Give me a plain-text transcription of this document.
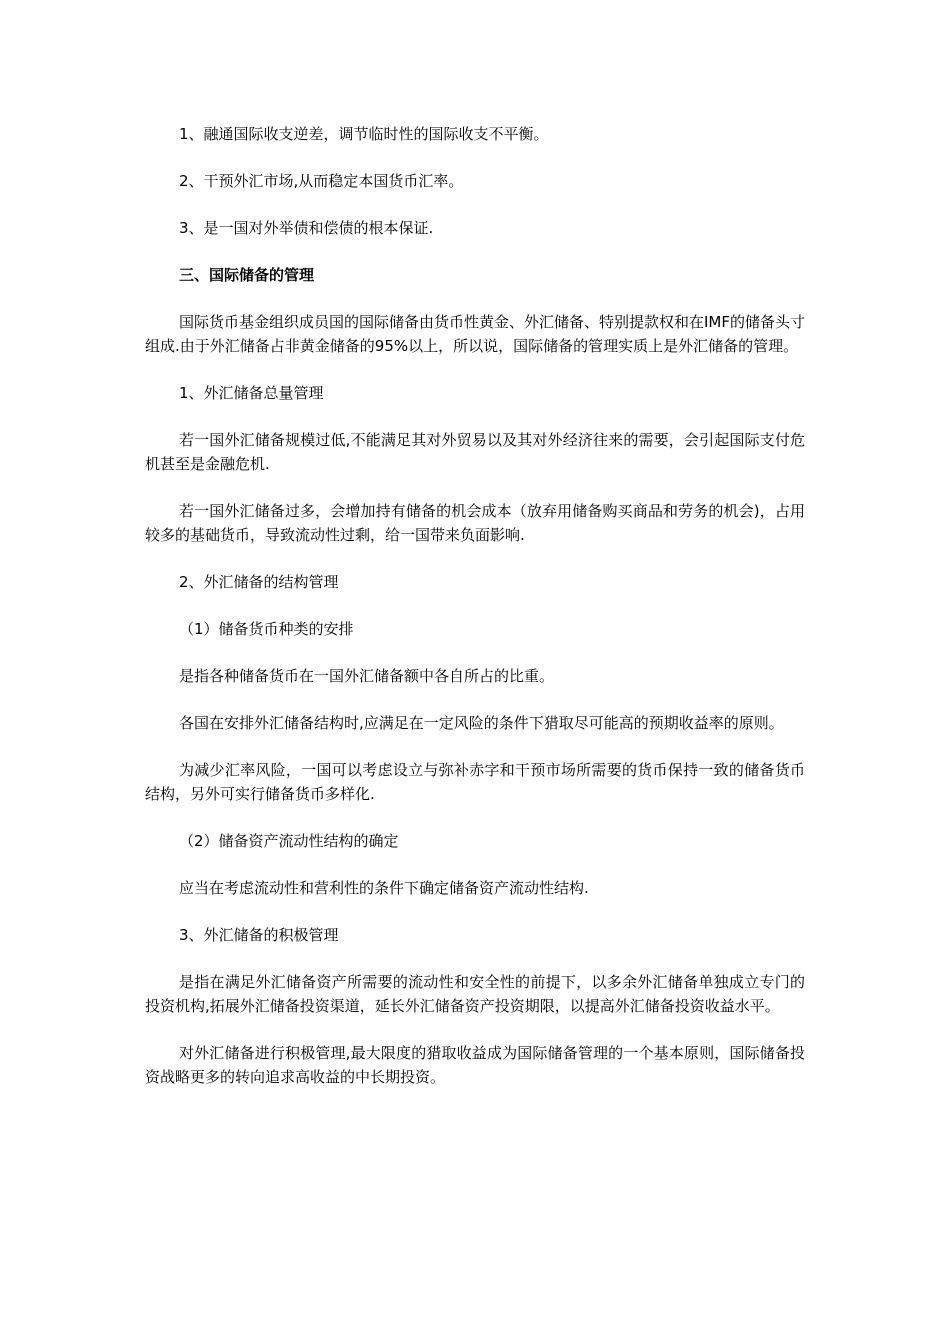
1、融通国际收支逆差，调节临时性的国际收支不平衡。

2、干预外汇市场,从而稳定本国货币汇率。

3、是一国对外举债和偿债的根本保证.

三、国际储备的管理

国际货币基金组织成员国的国际储备由货币性黄金、外汇储备、特别提款权和在IMF的储备头寸组成.由于外汇储备占非黄金储备的95%以上，所以说，国际储备的管理实质上是外汇储备的管理。

1、外汇储备总量管理

若一国外汇储备规模过低,不能满足其对外贸易以及其对外经济往来的需要，会引起国际支付危机甚至是金融危机.

若一国外汇储备过多，会增加持有储备的机会成本（放弃用储备购买商品和劳务的机会)，占用较多的基础货币，导致流动性过剩，给一国带来负面影响.

2、外汇储备的结构管理

（1）储备货币种类的安排

是指各种储备货币在一国外汇储备额中各自所占的比重。

各国在安排外汇储备结构时,应满足在一定风险的条件下猎取尽可能高的预期收益率的原则。

为减少汇率风险，一国可以考虑设立与弥补赤字和干预市场所需要的货币保持一致的储备货币结构，另外可实行储备货币多样化.

（2）储备资产流动性结构的确定

应当在考虑流动性和营利性的条件下确定储备资产流动性结构.

3、外汇储备的积极管理

是指在满足外汇储备资产所需要的流动性和安全性的前提下，以多余外汇储备单独成立专门的投资机构,拓展外汇储备投资渠道，延长外汇储备资产投资期限，以提高外汇储备投资收益水平。

对外汇储备进行积极管理,最大限度的猎取收益成为国际储备管理的一个基本原则，国际储备投资战略更多的转向追求高收益的中长期投资。
